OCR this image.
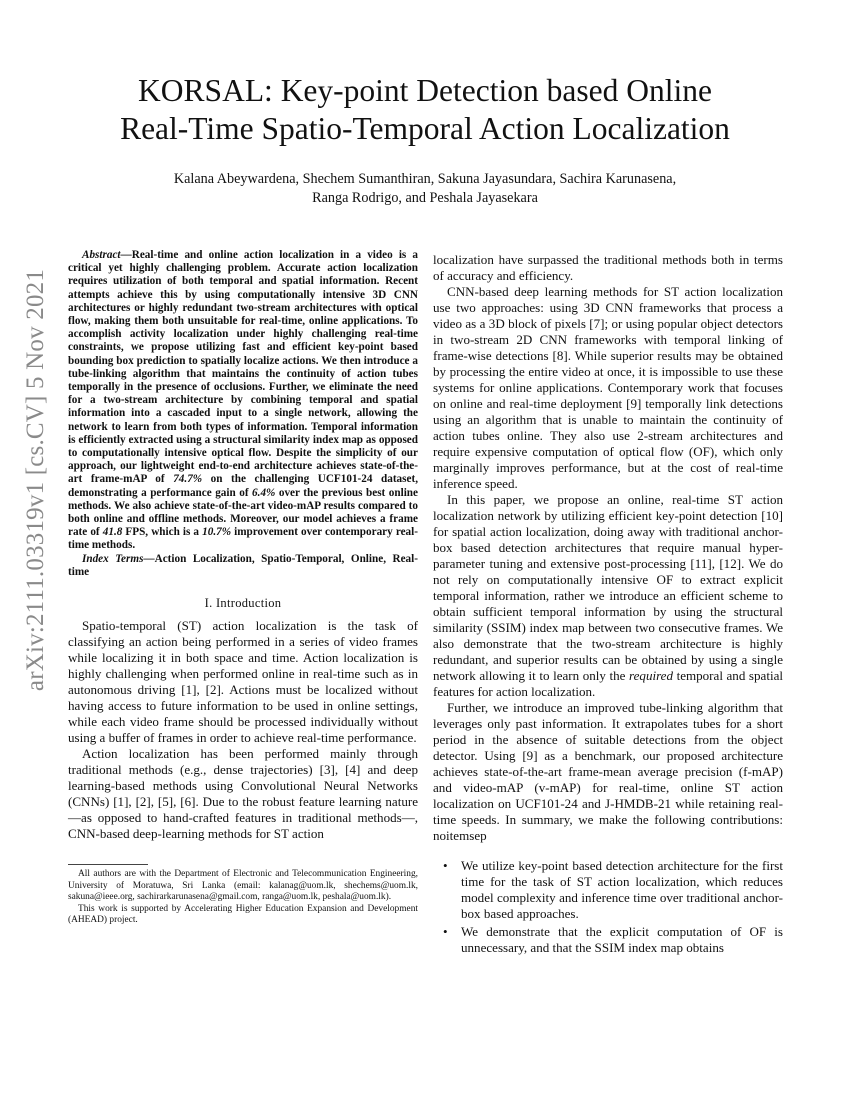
arXiv:2111.03319v1 [cs.CV] 5 Nov 2021
KORSAL: Key-point Detection based Online
Real-Time Spatio-Temporal Action Localization
Kalana Abeywardena, Shechem Sumanthiran, Sakuna Jayasundara, Sachira Karunasena,
Ranga Rodrigo, and Peshala Jayasekara

Abstract—Real-time and online action localization in a video is a critical yet highly challenging problem. Accurate action localization requires utilization of both temporal and spatial information. Recent attempts achieve this by using computationally intensive 3D CNN architectures or highly redundant two-stream architectures with optical flow, making them both unsuitable for real-time, online applications. To accomplish activity localization under highly challenging real-time constraints, we propose utilizing fast and efficient key-point based bounding box prediction to spatially localize actions. We then introduce a tube-linking algorithm that maintains the continuity of action tubes temporally in the presence of occlusions. Further, we eliminate the need for a two-stream architecture by combining temporal and spatial information into a cascaded input to a single network, allowing the network to learn from both types of information. Temporal information is efficiently extracted using a structural similarity index map as opposed to computationally intensive optical flow. Despite the simplicity of our approach, our lightweight end-to-end architecture achieves state-of-the-art frame-mAP of 74.7% on the challenging UCF101-24 dataset, demonstrating a performance gain of 6.4% over the previous best online methods. We also achieve state-of-the-art video-mAP results compared to both online and offline methods. Moreover, our model achieves a frame rate of 41.8 FPS, which is a 10.7% improvement over contemporary real-time methods.

Index Terms—Action Localization, Spatio-Temporal, Online, Real-time

I. Introduction

Spatio-temporal (ST) action localization is the task of classifying an action being performed in a series of video frames while localizing it in both space and time. Action localization is highly challenging when performed online in real-time such as in autonomous driving [1], [2]. Actions must be localized without having access to future information to be used in online settings, while each video frame should be processed individually without using a buffer of frames in order to achieve real-time performance.

Action localization has been performed mainly through traditional methods (e.g., dense trajectories) [3], [4] and deep learning-based methods using Convolutional Neural Networks (CNNs) [1], [2], [5], [6]. Due to the robust feature learning nature—as opposed to hand-crafted features in traditional methods—, CNN-based deep-learning methods for ST action

All authors are with the Department of Electronic and Telecommunication Engineering, University of Moratuwa, Sri Lanka (email: kalanag@uom.lk, shechems@uom.lk, sakuna@ieee.org, sachirarkarunasena@gmail.com, ranga@uom.lk, peshala@uom.lk).

This work is supported by Accelerating Higher Education Expansion and Development (AHEAD) project.

localization have surpassed the traditional methods both in terms of accuracy and efficiency.

CNN-based deep learning methods for ST action localization use two approaches: using 3D CNN frameworks that process a video as a 3D block of pixels [7]; or using popular object detectors in two-stream 2D CNN frameworks with temporal linking of frame-wise detections [8]. While superior results may be obtained by processing the entire video at once, it is impossible to use these systems for online applications. Contemporary work that focuses on online and real-time deployment [9] temporally link detections using an algorithm that is unable to maintain the continuity of action tubes online. They also use 2-stream architectures and require expensive computation of optical flow (OF), which only marginally improves performance, but at the cost of real-time inference speed.

In this paper, we propose an online, real-time ST action localization network by utilizing efficient key-point detection [10] for spatial action localization, doing away with traditional anchor-box based detection architectures that require manual hyper-parameter tuning and extensive post-processing [11], [12]. We do not rely on computationally intensive OF to extract explicit temporal information, rather we introduce an efficient scheme to obtain sufficient temporal information by using the structural similarity (SSIM) index map between two consecutive frames. We also demonstrate that the two-stream architecture is highly redundant, and superior results can be obtained by using a single network allowing it to learn only the required temporal and spatial features for action localization.

Further, we introduce an improved tube-linking algorithm that leverages only past information. It extrapolates tubes for a short period in the absence of suitable detections from the object detector. Using [9] as a benchmark, our proposed architecture achieves state-of-the-art frame-mean average precision (f-mAP) and video-mAP (v-mAP) for real-time, online ST action localization on UCF101-24 and J-HMDB-21 while retaining real-time speeds. In summary, we make the following contributions: noitemsep

• We utilize key-point based detection architecture for the first time for the task of ST action localization, which reduces model complexity and inference time over traditional anchor-box based approaches.
• We demonstrate that the explicit computation of OF is unnecessary, and that the SSIM index map obtains
